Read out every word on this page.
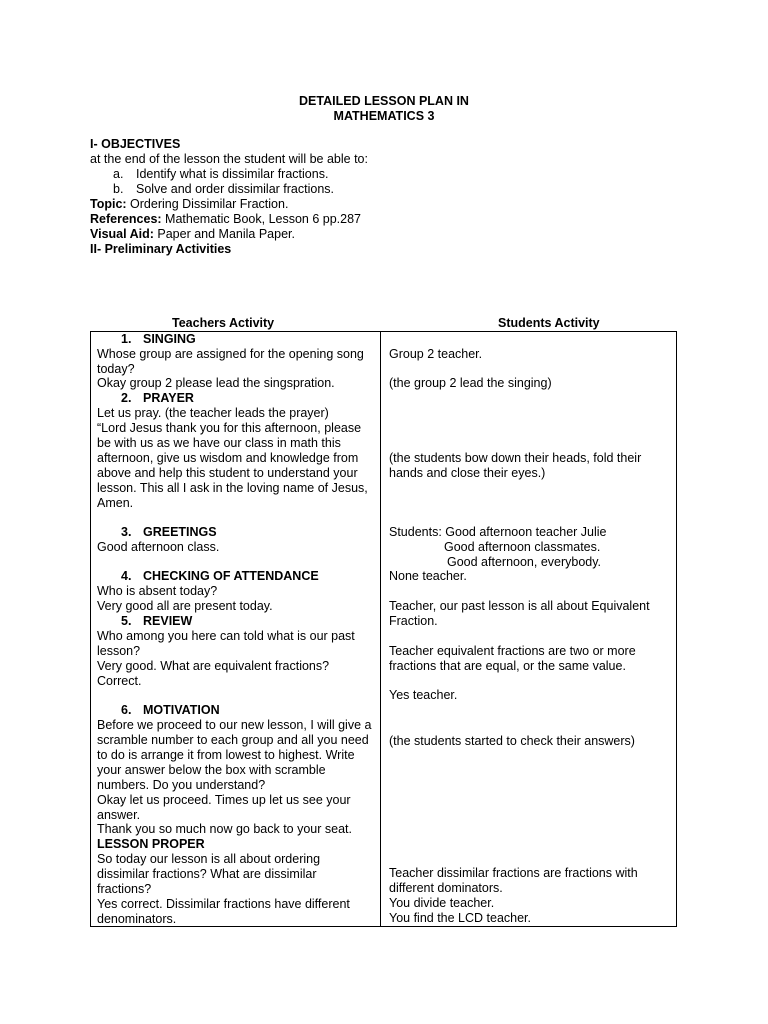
DETAILED LESSON PLAN IN
MATHEMATICS 3
I- OBJECTIVES
at the end of the lesson the student will be able to:
a. Identify what is dissimilar fractions.
b. Solve and order dissimilar fractions.
Topic: Ordering Dissimilar Fraction.
References: Mathematic Book, Lesson 6 pp.287
Visual Aid: Paper and Manila Paper.
II- Preliminary Activities
Teachers Activity	Students Activity
1. SINGING
2. PRAYER
3. GREETINGS
4. CHECKING OF ATTENDANCE
5. REVIEW
6. MOTIVATION
LESSON PROPER
Whose group are assigned for the opening song
today?
Okay group 2 please lead the singspration.
Let us pray. (the teacher leads the prayer)
“Lord Jesus thank you for this afternoon, please
be with us as we have our class in math this
afternoon, give us wisdom and knowledge from
above and help this student to understand your
lesson. This all I ask in the loving name of Jesus,
Amen.
Good afternoon class.
Who is absent today?
Very good all are present today.
Who among you here can told what is our past
lesson?
Very good. What are equivalent fractions?
Correct.
Before we proceed to our new lesson, I will give a
scramble number to each group and all you need
to do is arrange it from lowest to highest. Write
your answer below the box with scramble
numbers. Do you understand?
Okay let us proceed. Times up let us see your
answer.
Thank you so much now go back to your seat.
So today our lesson is all about ordering
dissimilar fractions? What are dissimilar
fractions?
Yes correct. Dissimilar fractions have different
denominators.
Group 2 teacher.
(the group 2 lead the singing)
(the students bow down their heads, fold their
hands and close their eyes.)
Students: Good afternoon teacher Julie
Good afternoon classmates.
Good afternoon, everybody.
None teacher.
Teacher, our past lesson is all about Equivalent
Fraction.
Teacher equivalent fractions are two or more
fractions that are equal, or the same value.
Yes teacher.
(the students started to check their answers)
Teacher dissimilar fractions are fractions with
different dominators.
You divide teacher.
You find the LCD teacher.
